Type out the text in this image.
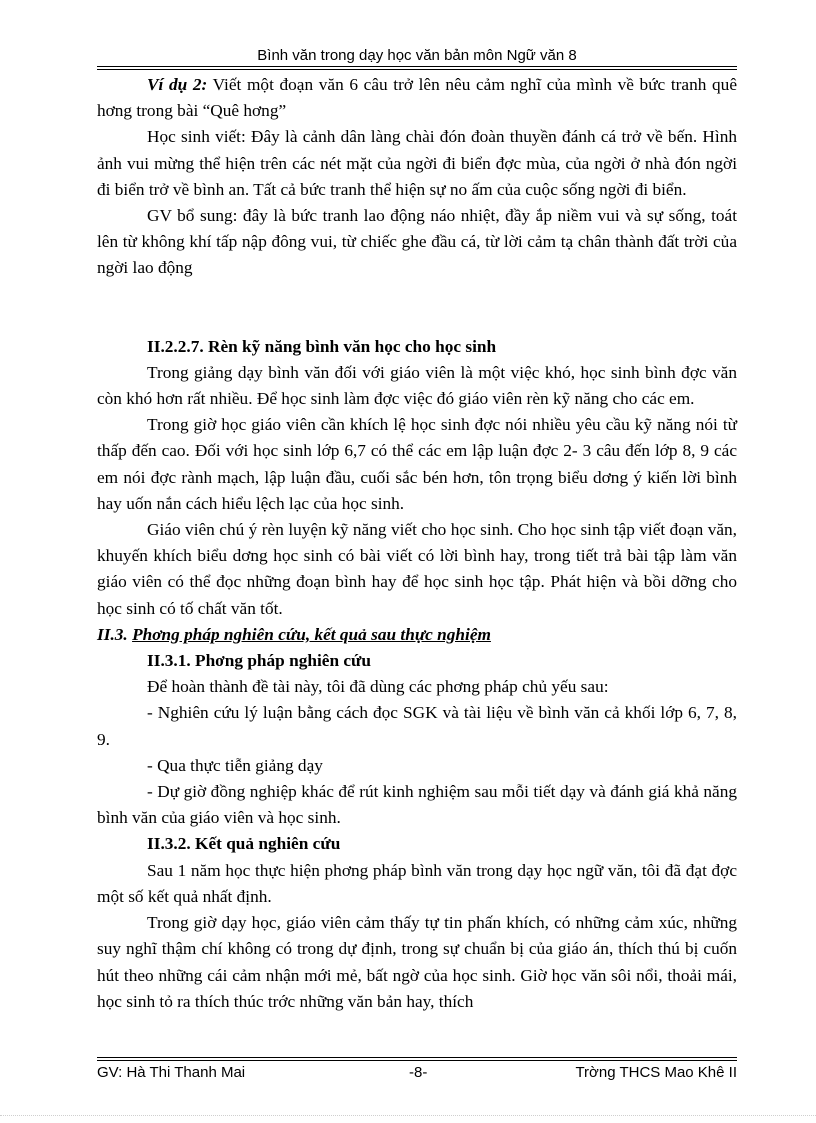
Bình văn trong dạy học văn bản môn Ngữ văn 8

Ví dụ 2: Viết một đoạn văn 6 câu trở lên nêu cảm nghĩ của mình về bức tranh quê hơng trong bài “Quê hơng”

Học sinh viết: Đây là cảnh dân làng chài đón đoàn thuyền đánh cá trở về bến. Hình ảnh vui mừng thể hiện trên các nét mặt của ngời đi biển đợc mùa, của ngời ở nhà đón ngời đi biển trở về bình an. Tất cả bức tranh thể hiện sự no ấm của cuộc sống ngời đi biển.

GV bổ sung: đây là bức tranh lao động náo nhiệt, đầy ắp niềm vui và sự sống, toát lên từ không khí tấp nập đông vui, từ chiếc ghe đầu cá, từ lời cảm tạ chân thành đất trời của ngời lao động

II.2.2.7. Rèn kỹ năng bình văn học cho học sinh

Trong giảng dạy bình văn đối với giáo viên là một việc khó, học sinh bình đợc văn còn khó hơn rất nhiều. Để học sinh làm đợc việc đó giáo viên rèn kỹ năng cho các em.

Trong giờ học giáo viên cần khích lệ học sinh đợc nói nhiều yêu cầu kỹ năng nói từ thấp đến cao. Đối với học sinh lớp 6,7 có thể các em lập luận đợc 2- 3 câu đến lớp 8, 9 các em nói đợc rành mạch, lập luận đầu, cuối sắc bén hơn, tôn trọng biểu dơng ý kiến lời bình hay uốn nắn cách hiểu lệch lạc của học sinh.

Giáo viên chú ý rèn luyện kỹ năng viết cho học sinh. Cho học sinh tập viết đoạn văn, khuyến khích biểu dơng học sinh có bài viết có lời bình hay, trong tiết trả bài tập làm văn giáo viên có thể đọc những đoạn bình hay để học sinh học tập. Phát hiện và bồi dỡng cho học sinh có tố chất văn tốt.

II.3. Phơng pháp nghiên cứu, kết quả sau thực nghiệm

II.3.1. Phơng pháp nghiên cứu

Để hoàn thành đề tài này, tôi đã dùng các phơng pháp chủ yếu sau:

- Nghiên cứu lý luận bằng cách đọc SGK và tài liệu về bình văn cả khối lớp 6, 7, 8, 9.

- Qua thực tiễn giảng dạy

- Dự giờ đồng nghiệp khác để rút kinh nghiệm sau mỗi tiết dạy và đánh giá khả năng bình văn của giáo viên và học sinh.

II.3.2. Kết quả nghiên cứu

Sau 1 năm học thực hiện phơng pháp bình văn trong dạy học ngữ văn, tôi đã đạt đợc một số kết quả nhất định.

Trong giờ dạy học, giáo viên cảm thấy tự tin phấn khích, có những cảm xúc, những suy nghĩ thậm chí không có trong dự định, trong sự chuẩn bị của giáo án, thích thú bị cuốn hút theo những cái cảm nhận mới mẻ, bất ngờ của học sinh. Giờ học văn sôi nổi, thoải mái, học sinh tỏ ra thích thúc trớc những văn bản hay, thích

GV: Hà Thi Thanh Mai	-8-	Trờng THCS Mao Khê II
